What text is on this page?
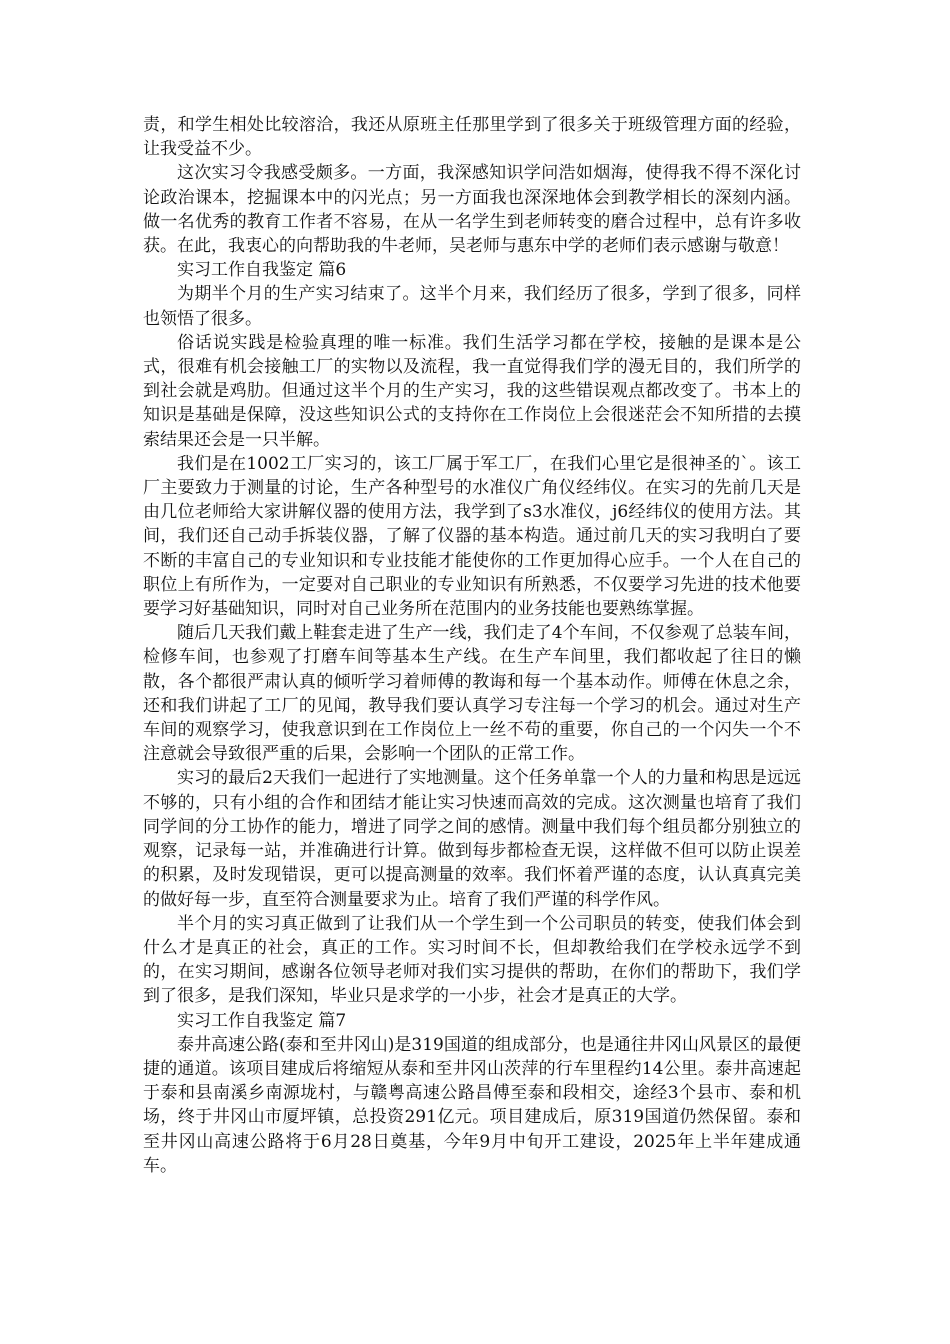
责，和学生相处比较溶洽，我还从原班主任那里学到了很多关于班级管理方面的经验，让我受益不少。

这次实习令我感受颇多。一方面，我深感知识学问浩如烟海，使得我不得不深化讨论政治课本，挖掘课本中的闪光点；另一方面我也深深地体会到教学相长的深刻内涵。做一名优秀的教育工作者不容易，在从一名学生到老师转变的磨合过程中，总有许多收获。在此，我衷心的向帮助我的牛老师，吴老师与惠东中学的老师们表示感谢与敬意！

实习工作自我鉴定 篇6

为期半个月的生产实习结束了。这半个月来，我们经历了很多，学到了很多，同样也领悟了很多。

俗话说实践是检验真理的唯一标准。我们生活学习都在学校，接触的是课本是公式，很难有机会接触工厂的实物以及流程，我一直觉得我们学的漫无目的，我们所学的到社会就是鸡肋。但通过这半个月的生产实习，我的这些错误观点都改变了。书本上的知识是基础是保障，没这些知识公式的支持你在工作岗位上会很迷茫会不知所措的去摸索结果还会是一只半解。

我们是在1002工厂实习的，该工厂属于军工厂，在我们心里它是很神圣的`。该工厂主要致力于测量的讨论，生产各种型号的水准仪广角仪经纬仪。在实习的先前几天是由几位老师给大家讲解仪器的使用方法，我学到了s3水准仪，j6经纬仪的使用方法。其间，我们还自己动手拆装仪器，了解了仪器的基本构造。通过前几天的实习我明白了要不断的丰富自己的专业知识和专业技能才能使你的工作更加得心应手。一个人在自己的职位上有所作为，一定要对自己职业的专业知识有所熟悉，不仅要学习先进的技术他要要学习好基础知识，同时对自己业务所在范围内的业务技能也要熟练掌握。

随后几天我们戴上鞋套走进了生产一线，我们走了4个车间，不仅参观了总装车间，检修车间，也参观了打磨车间等基本生产线。在生产车间里，我们都收起了往日的懒散，各个都很严肃认真的倾听学习着师傅的教诲和每一个基本动作。师傅在休息之余，还和我们讲起了工厂的见闻，教导我们要认真学习专注每一个学习的机会。通过对生产车间的观察学习，使我意识到在工作岗位上一丝不苟的重要，你自己的一个闪失一个不注意就会导致很严重的后果，会影响一个团队的正常工作。

实习的最后2天我们一起进行了实地测量。这个任务单靠一个人的力量和构思是远远不够的，只有小组的合作和团结才能让实习快速而高效的完成。这次测量也培育了我们同学间的分工协作的能力，增进了同学之间的感情。测量中我们每个组员都分别独立的观察，记录每一站，并准确进行计算。做到每步都检查无误，这样做不但可以防止误差的积累，及时发现错误，更可以提高测量的效率。我们怀着严谨的态度，认认真真完美的做好每一步，直至符合测量要求为止。培育了我们严谨的科学作风。

半个月的实习真正做到了让我们从一个学生到一个公司职员的转变，使我们体会到什么才是真正的社会，真正的工作。实习时间不长，但却教给我们在学校永远学不到的，在实习期间，感谢各位领导老师对我们实习提供的帮助，在你们的帮助下，我们学到了很多，是我们深知，毕业只是求学的一小步，社会才是真正的大学。

实习工作自我鉴定 篇7

泰井高速公路(泰和至井冈山)是319国道的组成部分，也是通往井冈山风景区的最便捷的通道。该项目建成后将缩短从泰和至井冈山茨萍的行车里程约14公里。泰井高速起于泰和县南溪乡南源垅村，与赣粤高速公路昌傅至泰和段相交，途经3个县市、泰和机场，终于井冈山市厦坪镇，总投资291亿元。项目建成后，原319国道仍然保留。泰和至井冈山高速公路将于6月28日奠基，今年9月中旬开工建设，2025年上半年建成通车。
